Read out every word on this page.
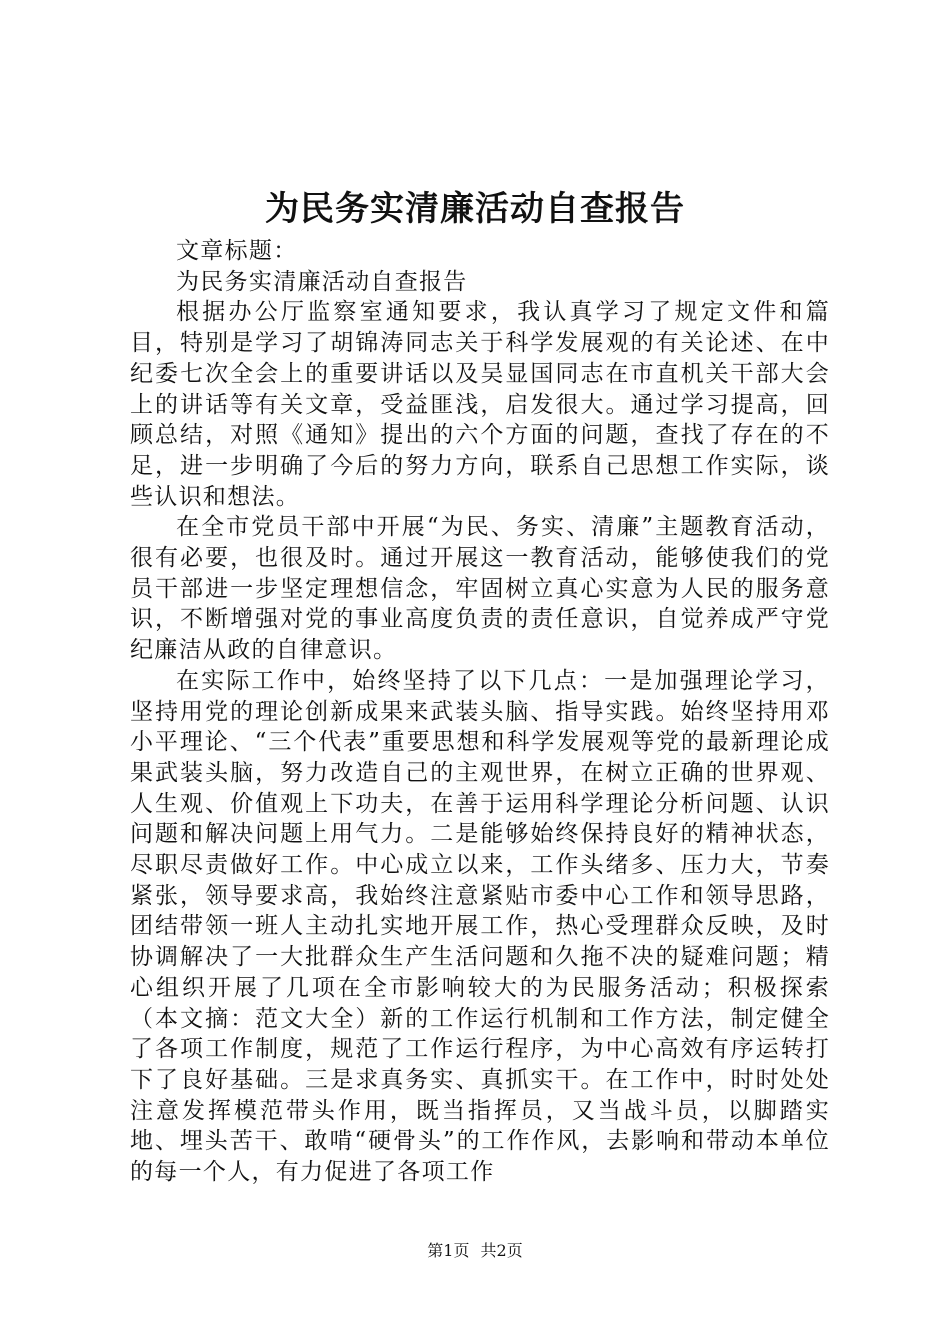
为民务实清廉活动自查报告

文章标题：

为民务实清廉活动自查报告

根据办公厅监察室通知要求，我认真学习了规定文件和篇目，特别是学习了胡锦涛同志关于科学发展观的有关论述、在中纪委七次全会上的重要讲话以及吴显国同志在市直机关干部大会上的讲话等有关文章，受益匪浅，启发很大。通过学习提高，回顾总结，对照《通知》提出的六个方面的问题，查找了存在的不足，进一步明确了今后的努力方向，联系自己思想工作实际，谈些认识和想法。

在全市党员干部中开展“为民、务实、清廉”主题教育活动，很有必要，也很及时。通过开展这一教育活动，能够使我们的党员干部进一步坚定理想信念，牢固树立真心实意为人民的服务意识，不断增强对党的事业高度负责的责任意识，自觉养成严守党纪廉洁从政的自律意识。

在实际工作中，始终坚持了以下几点：一是加强理论学习，坚持用党的理论创新成果来武装头脑、指导实践。始终坚持用邓小平理论、“三个代表”重要思想和科学发展观等党的最新理论成果武装头脑，努力改造自己的主观世界，在树立正确的世界观、人生观、价值观上下功夫，在善于运用科学理论分析问题、认识问题和解决问题上用气力。二是能够始终保持良好的精神状态，尽职尽责做好工作。中心成立以来，工作头绪多、压力大，节奏紧张，领导要求高，我始终注意紧贴市委中心工作和领导思路，团结带领一班人主动扎实地开展工作，热心受理群众反映，及时协调解决了一大批群众生产生活问题和久拖不决的疑难问题；精心组织开展了几项在全市影响较大的为民服务活动；积极探索（本文摘：范文大全）新的工作运行机制和工作方法，制定健全了各项工作制度，规范了工作运行程序，为中心高效有序运转打下了良好基础。三是求真务实、真抓实干。在工作中，时时处处注意发挥模范带头作用，既当指挥员，又当战斗员，以脚踏实地、埋头苦干、敢啃“硬骨头”的工作作风，去影响和带动本单位的每一个人，有力促进了各项工作

第1页 共2页
